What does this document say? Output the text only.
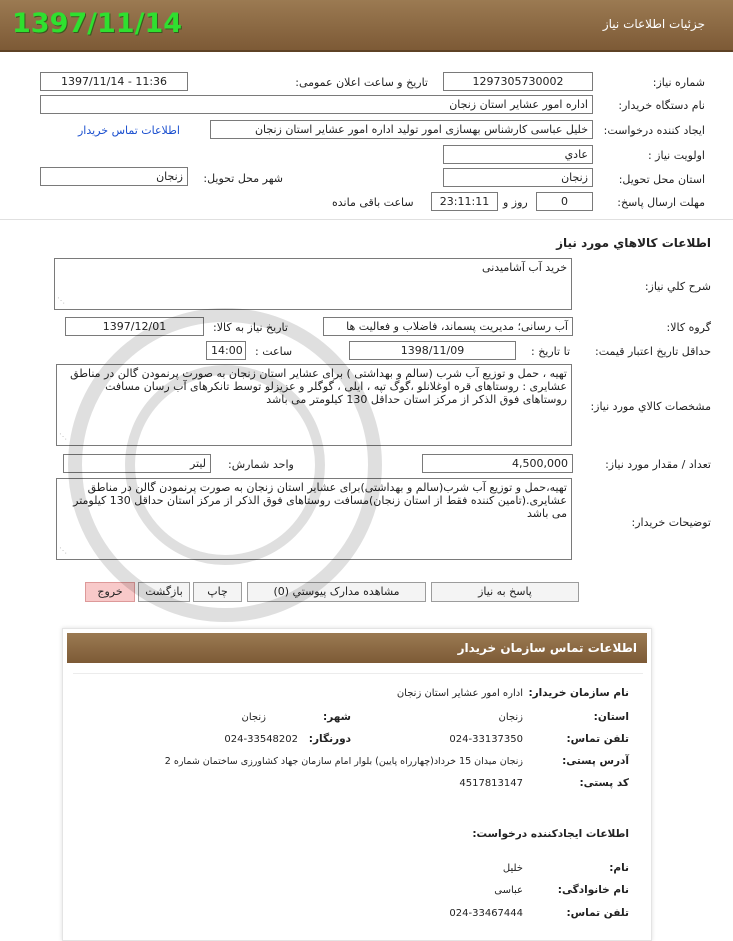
جزئیات اطلاعات نیاز
1397/11/14
شماره نیاز:
1297305730002
تاریخ و ساعت اعلان عمومی:
1397/11/14 - 11:36
نام دستگاه خریدار:
اداره امور عشایر استان زنجان
ایجاد کننده درخواست:
خلیل عباسی کارشناس بهسازی امور تولید اداره امور عشایر استان زنجان
اطلاعات تماس خریدار
اولویت نیاز :
عادي
استان محل تحویل:
زنجان
شهر محل تحویل:
زنجان
مهلت ارسال پاسخ:
0
روز و
23:11:11
ساعت باقی مانده
اطلاعات کالاهاي مورد نياز
شرح کلي نياز:
خرید آب آشامیدنی
⋰
گروه کالا:
آب رسانی؛ مدیریت پسماند، فاضلاب و فعالیت ها
تاریخ نیاز به کالا:
1397/12/01
حداقل تاریخ اعتبار قیمت:
تا تاریخ :
1398/11/09
ساعت :
14:00
مشخصات کالاي مورد نياز:
تهیه ، حمل و توزیع آب شرب (سالم و بهداشتی ) برای عشایر استان زنجان به صورت پرنمودن گالن در مناطق عشایری : روستاهای قره اوغلانلو ،گوگ تپه ، ایلی ، گوگلر و عزیزلو توسط تانکرهای آب رسان مسافت روستاهای فوق الذکر از مرکز استان حداقل 130 کیلومتر می باشد
⋰
تعداد / مقدار مورد نیاز:
4,500,000
واحد شمارش:
لیتر
توضیحات خریدار:
تهیه،حمل و توزیع آب شرب(سالم و بهداشتی)برای عشایر استان زنجان به صورت پرنمودن گالن در مناطق عشایری.(تامین کننده فقط از استان زنجان)مسافت روستاهای فوق الذکر از مرکز استان حداقل 130 کیلومتر می باشد
⋰
پاسخ به نیاز
مشاهده مدارک پیوستي (0)
چاپ
بازگشت
خروج
اطلاعات تماس سازمان خریدار
نام سازمان خریدار:
اداره امور عشایر استان زنجان
استان:
زنجان
شهر:
زنجان
تلفن تماس:
024-33137350
دورنگار:
024-33548202
آدرس پستی:
زنجان میدان 15 خرداد(چهارراه پایین) بلوار امام سازمان جهاد کشاورزی ساختمان شماره 2
کد پستی:
4517813147
اطلاعات ایجادکننده درخواست:
نام:
خلیل
نام خانوادگی:
عباسی
تلفن تماس:
024-33467444
